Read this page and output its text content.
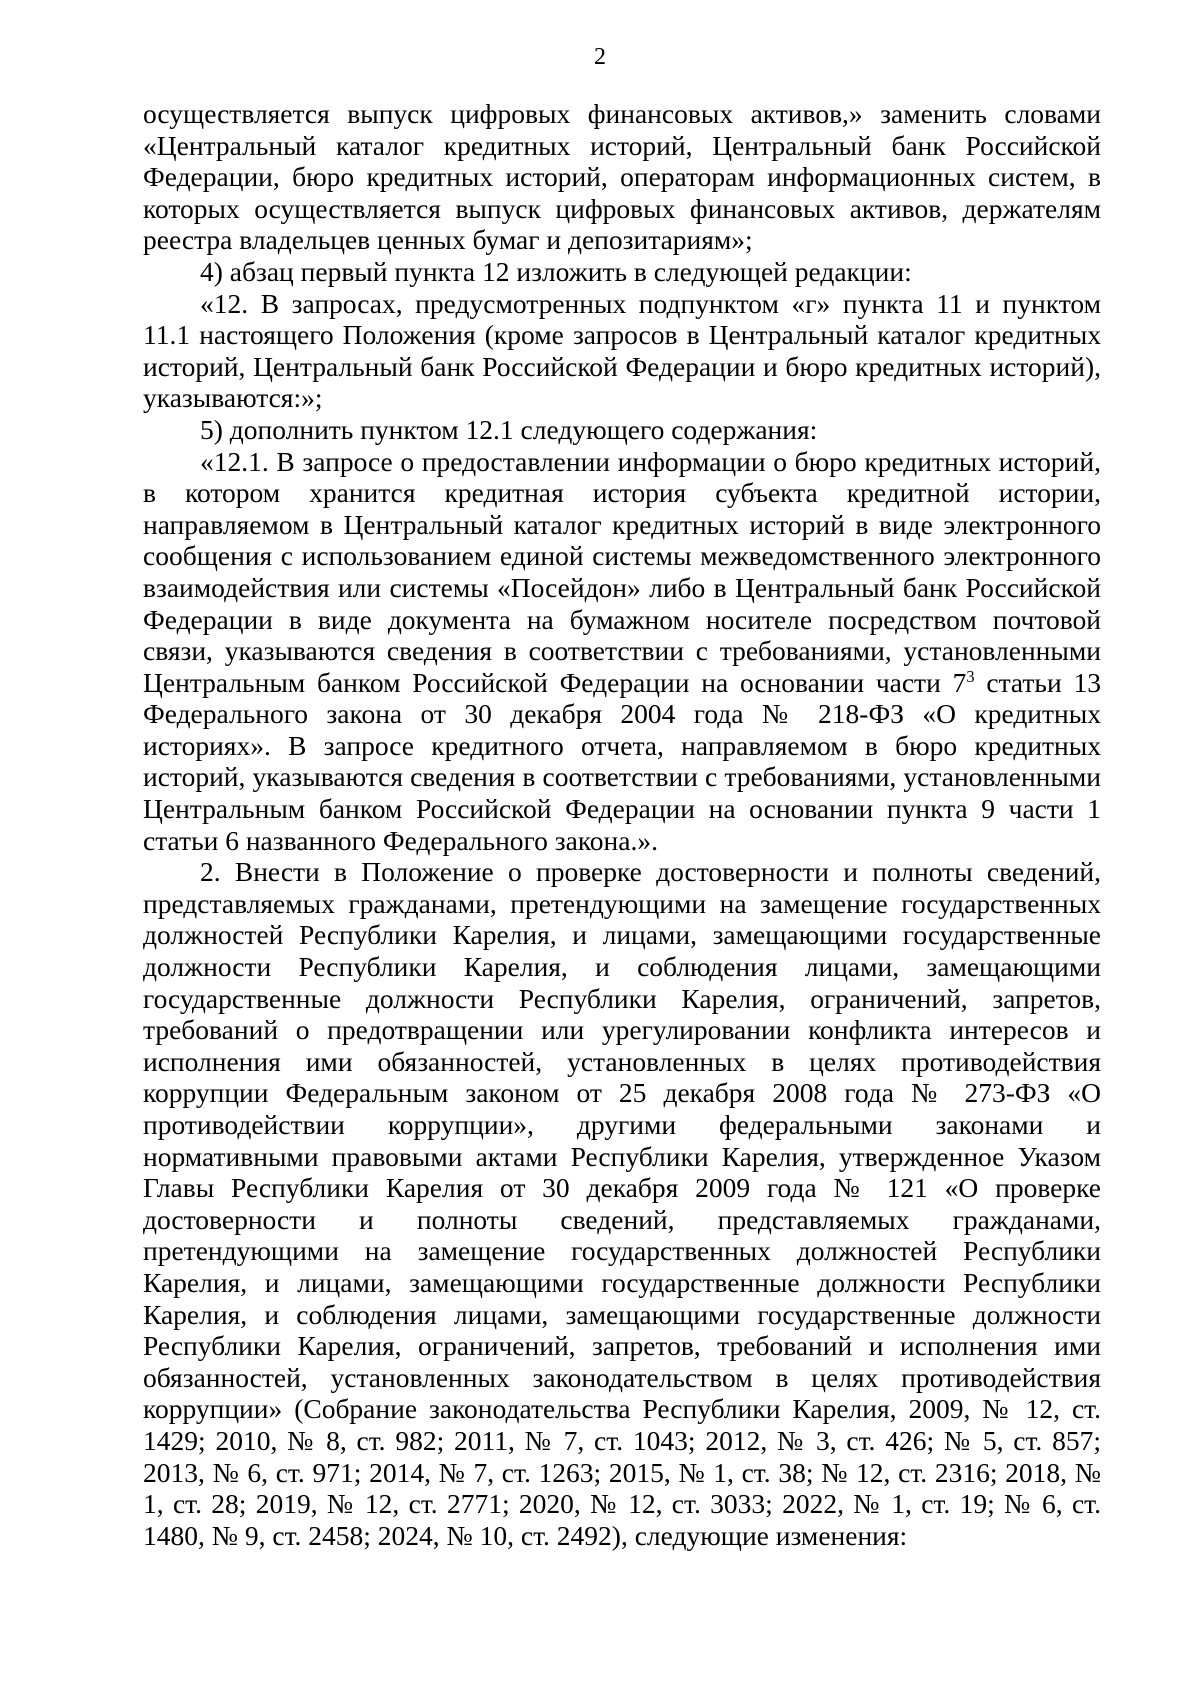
2

осуществляется выпуск цифровых финансовых активов,» заменить словами «Центральный каталог кредитных историй, Центральный банк Российской Федерации, бюро кредитных историй, операторам информационных систем, в которых осуществляется выпуск цифровых финансовых активов, держателям реестра владельцев ценных бумаг и депозитариям»;

4) абзац первый пункта 12 изложить в следующей редакции:

«12. В запросах, предусмотренных подпунктом «г» пункта 11 и пунктом 11.1 настоящего Положения (кроме запросов в Центральный каталог кредитных историй, Центральный банк Российской Федерации и бюро кредитных историй), указываются:»;

5) дополнить пунктом 12.1 следующего содержания:

«12.1. В запросе о предоставлении информации о бюро кредитных историй, в котором хранится кредитная история субъекта кредитной истории, направляемом в Центральный каталог кредитных историй в виде электронного сообщения с использованием единой системы межведомственного электронного взаимодействия или системы «Посейдон» либо в Центральный банк Российской Федерации в виде документа на бумажном носителе посредством почтовой связи, указываются сведения в соответствии с требованиями, установленными Центральным банком Российской Федерации на основании части $7^3$ статьи 13 Федерального закона от 30 декабря 2004 года № 218-ФЗ «О кредитных историях». В запросе кредитного отчета, направляемом в бюро кредитных историй, указываются сведения в соответствии с требованиями, установленными Центральным банком Российской Федерации на основании пункта 9 части 1 статьи 6 названного Федерального закона.».

2. Внести в Положение о проверке достоверности и полноты сведений, представляемых гражданами, претендующими на замещение государственных должностей Республики Карелия, и лицами, замещающими государственные должности Республики Карелия, и соблюдения лицами, замещающими государственные должности Республики Карелия, ограничений, запретов, требований о предотвращении или урегулировании конфликта интересов и исполнения ими обязанностей, установленных в целях противодействия коррупции Федеральным законом от 25 декабря 2008 года № 273-ФЗ «О противодействии коррупции», другими федеральными законами и нормативными правовыми актами Республики Карелия, утвержденное Указом Главы Республики Карелия от 30 декабря 2009 года № 121 «О проверке достоверности и полноты сведений, представляемых гражданами, претендующими на замещение государственных должностей Республики Карелия, и лицами, замещающими государственные должности Республики Карелия, и соблюдения лицами, замещающими государственные должности Республики Карелия, ограничений, запретов, требований и исполнения ими обязанностей, установленных законодательством в целях противодействия коррупции» (Собрание законодательства Республики Карелия, 2009, № 12, ст. 1429; 2010, № 8, ст. 982; 2011, № 7, ст. 1043; 2012, № 3, ст. 426; № 5, ст. 857; 2013, № 6, ст. 971; 2014, № 7, ст. 1263; 2015, № 1, ст. 38; № 12, ст. 2316; 2018, № 1, ст. 28; 2019, № 12, ст. 2771; 2020, № 12, ст. 3033; 2022, № 1, ст. 19; № 6, ст. 1480, № 9, ст. 2458; 2024, № 10, ст. 2492), следующие изменения:
